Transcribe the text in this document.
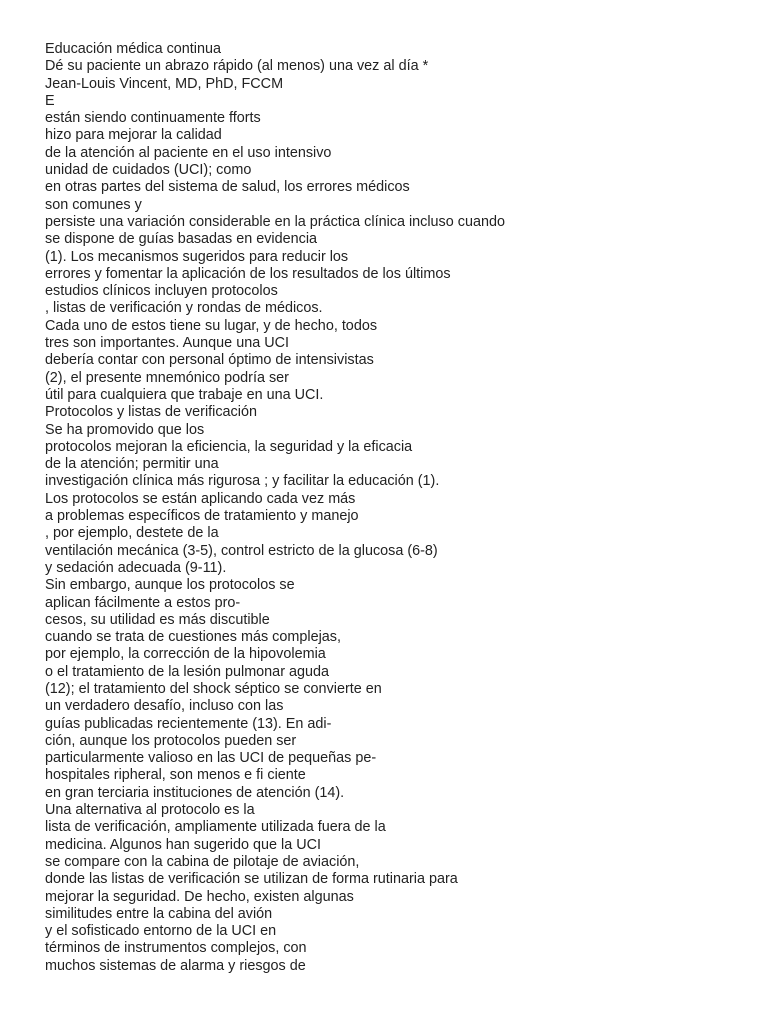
Educación médica continua
Dé su paciente un abrazo rápido (al menos) una vez al día *
Jean-Louis Vincent, MD, PhD, FCCM
E
están siendo continuamente fforts
hizo para mejorar la calidad
de la atención al paciente en el uso intensivo
unidad de cuidados (UCI); como
en otras partes del sistema de salud, los errores médicos
son comunes y
persiste una variación considerable en la práctica clínica incluso cuando
se dispone de guías basadas en evidencia
(1). Los mecanismos sugeridos para reducir los
errores y fomentar la aplicación de los resultados de los últimos
estudios clínicos incluyen protocolos
, listas de verificación y rondas de médicos.
Cada uno de estos tiene su lugar, y de hecho, todos
tres son importantes. Aunque una UCI
debería contar con personal óptimo de intensivistas
(2), el presente mnemónico podría ser
útil para cualquiera que trabaje en una UCI.
Protocolos y listas de verificación
Se ha promovido que los
protocolos mejoran la eficiencia, la seguridad y la eficacia
de la atención; permitir una
investigación clínica más rigurosa ; y facilitar la educación (1).
Los protocolos se están aplicando cada vez más
a problemas específicos de tratamiento y manejo
, por ejemplo, destete de la
ventilación mecánica (3-5), control estricto de la glucosa (6-8)
y sedación adecuada (9-11).
Sin embargo, aunque los protocolos se
aplican fácilmente a estos pro-
cesos, su utilidad es más discutible
cuando se trata de cuestiones más complejas,
por ejemplo, la corrección de la hipovolemia
o el tratamiento de la lesión pulmonar aguda
(12); el tratamiento del shock séptico se convierte en
un verdadero desafío, incluso con las
guías publicadas recientemente (13). En adi-
ción, aunque los protocolos pueden ser
particularmente valioso en las UCI de pequeñas pe-
hospitales ripheral, son menos e fi ciente
en gran terciaria instituciones de atención (14).
Una alternativa al protocolo es la
lista de verificación, ampliamente utilizada fuera de la
medicina. Algunos han sugerido que la UCI
se compare con la cabina de pilotaje de aviación,
donde las listas de verificación se utilizan de forma rutinaria para
mejorar la seguridad. De hecho, existen algunas
similitudes entre la cabina del avión
y el sofisticado entorno de la UCI en
términos de instrumentos complejos, con
muchos sistemas de alarma y riesgos de
